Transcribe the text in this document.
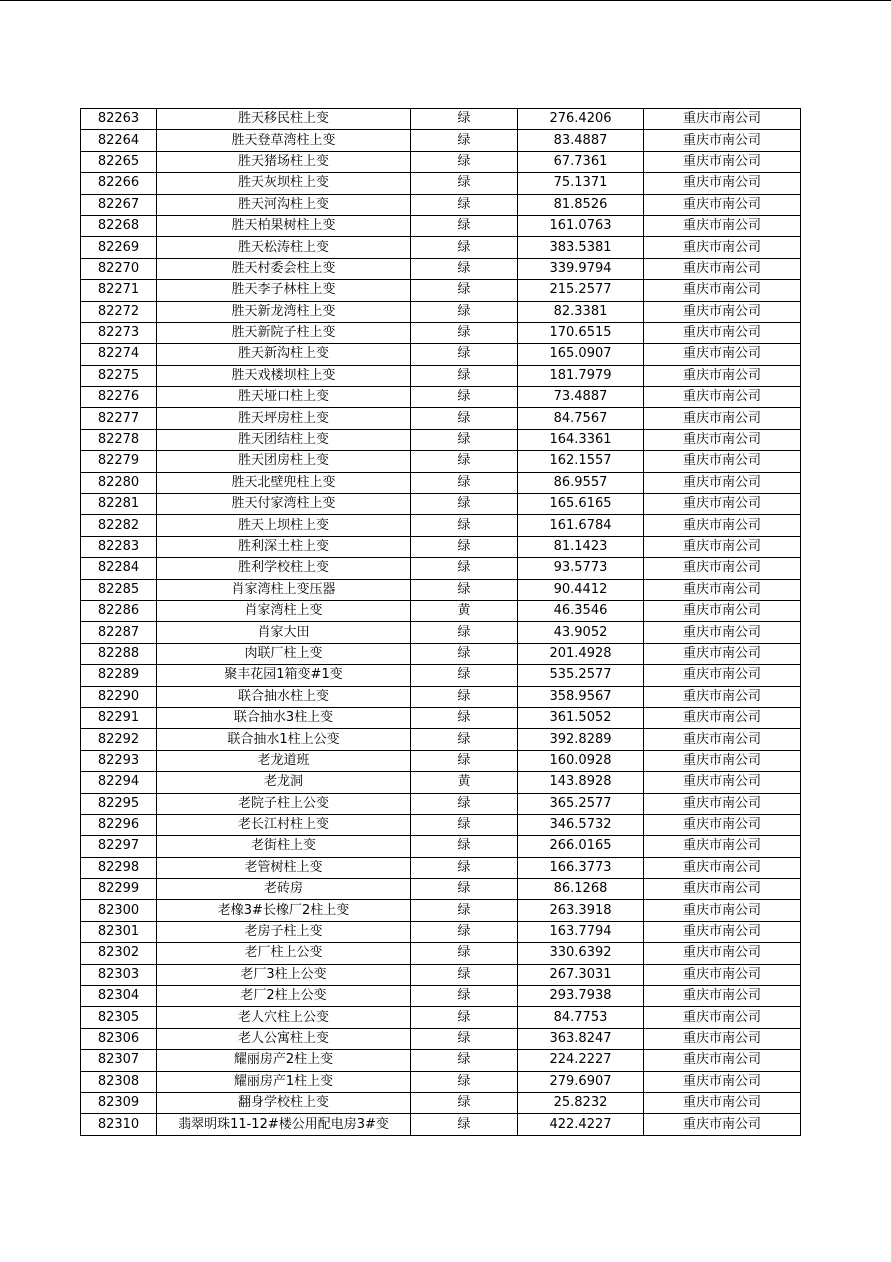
82263	胜天移民柱上变	绿	276.4206	重庆市南公司
82264	胜天登草湾柱上变	绿	83.4887	重庆市南公司
82265	胜天猪场柱上变	绿	67.7361	重庆市南公司
82266	胜天灰坝柱上变	绿	75.1371	重庆市南公司
82267	胜天河沟柱上变	绿	81.8526	重庆市南公司
82268	胜天柏果树柱上变	绿	161.0763	重庆市南公司
82269	胜天松涛柱上变	绿	383.5381	重庆市南公司
82270	胜天村委会柱上变	绿	339.9794	重庆市南公司
82271	胜天李子林柱上变	绿	215.2577	重庆市南公司
82272	胜天新龙湾柱上变	绿	82.3381	重庆市南公司
82273	胜天新院子柱上变	绿	170.6515	重庆市南公司
82274	胜天新沟柱上变	绿	165.0907	重庆市南公司
82275	胜天戏楼坝柱上变	绿	181.7979	重庆市南公司
82276	胜天垭口柱上变	绿	73.4887	重庆市南公司
82277	胜天坪房柱上变	绿	84.7567	重庆市南公司
82278	胜天团结柱上变	绿	164.3361	重庆市南公司
82279	胜天团房柱上变	绿	162.1557	重庆市南公司
82280	胜天北壁兜柱上变	绿	86.9557	重庆市南公司
82281	胜天付家湾柱上变	绿	165.6165	重庆市南公司
82282	胜天上坝柱上变	绿	161.6784	重庆市南公司
82283	胜利深土柱上变	绿	81.1423	重庆市南公司
82284	胜利学校柱上变	绿	93.5773	重庆市南公司
82285	肖家湾柱上变压器	绿	90.4412	重庆市南公司
82286	肖家湾柱上变	黄	46.3546	重庆市南公司
82287	肖家大田	绿	43.9052	重庆市南公司
82288	肉联厂柱上变	绿	201.4928	重庆市南公司
82289	聚丰花园1箱变#1变	绿	535.2577	重庆市南公司
82290	联合抽水柱上变	绿	358.9567	重庆市南公司
82291	联合抽水3柱上变	绿	361.5052	重庆市南公司
82292	联合抽水1柱上公变	绿	392.8289	重庆市南公司
82293	老龙道班	绿	160.0928	重庆市南公司
82294	老龙洞	黄	143.8928	重庆市南公司
82295	老院子柱上公变	绿	365.2577	重庆市南公司
82296	老长江村柱上变	绿	346.5732	重庆市南公司
82297	老街柱上变	绿	266.0165	重庆市南公司
82298	老管树柱上变	绿	166.3773	重庆市南公司
82299	老砖房	绿	86.1268	重庆市南公司
82300	老橡3#长橡厂2柱上变	绿	263.3918	重庆市南公司
82301	老房子柱上变	绿	163.7794	重庆市南公司
82302	老厂柱上公变	绿	330.6392	重庆市南公司
82303	老厂3柱上公变	绿	267.3031	重庆市南公司
82304	老厂2柱上公变	绿	293.7938	重庆市南公司
82305	老人穴柱上公变	绿	84.7753	重庆市南公司
82306	老人公寓柱上变	绿	363.8247	重庆市南公司
82307	耀丽房产2柱上变	绿	224.2227	重庆市南公司
82308	耀丽房产1柱上变	绿	279.6907	重庆市南公司
82309	翻身学校柱上变	绿	25.8232	重庆市南公司
82310	翡翠明珠11-12#楼公用配电房3#变	绿	422.4227	重庆市南公司
